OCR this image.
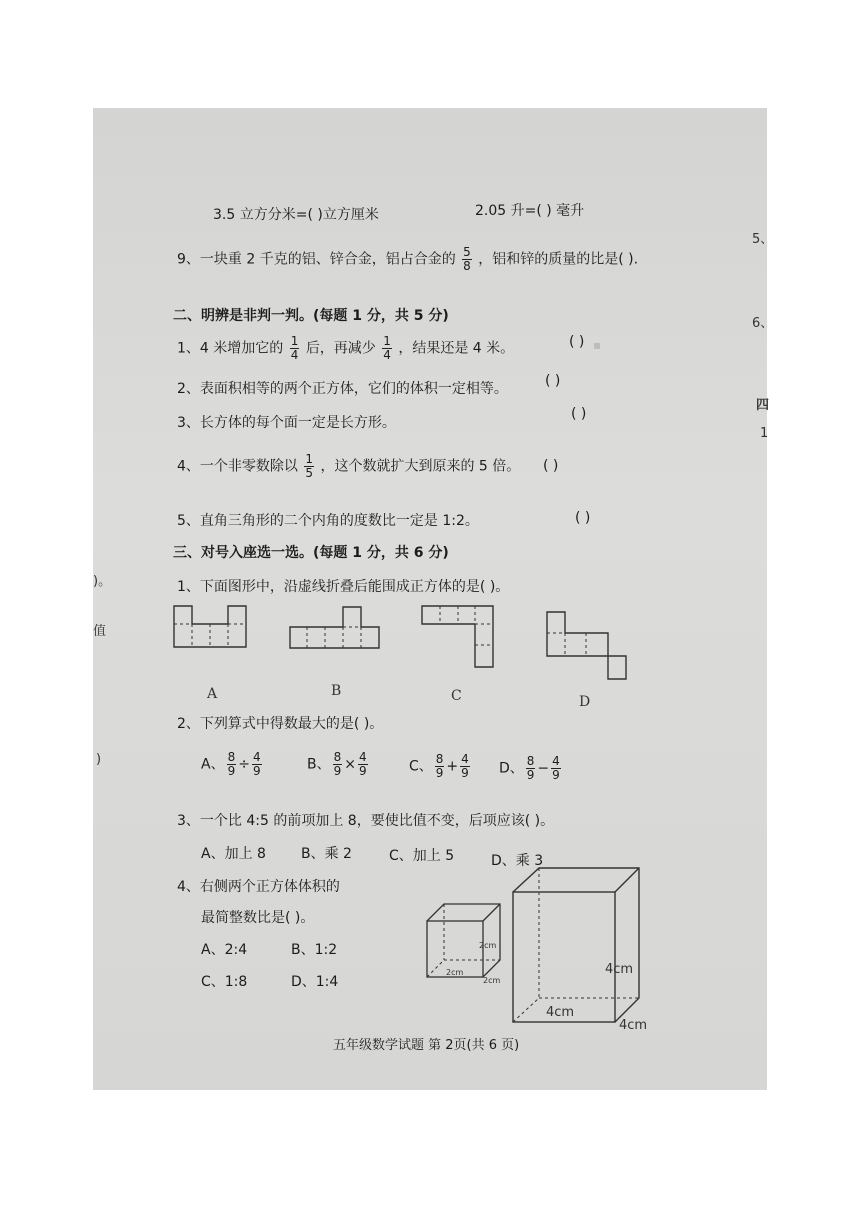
▪
3.5 立方分米=( )立方厘米	2.05 升=( ) 毫升
9、一块重 2 千克的铝、锌合金，铝占合金的 $\frac{5}{8}$ ，铝和锌的质量的比是( ).
二、明辨是非判一判。(每题 1 分，共 5 分)
1、4 米增加它的 $\frac{1}{4}$ 后，再减少 $\frac{1}{4}$ ，结果还是 4 米。	( )
2、表面积相等的两个正方体，它们的体积一定相等。	( )
3、长方体的每个面一定是长方形。
( )
4、一个非零数除以 $\frac{1}{5}$ ，这个数就扩大到原来的 5 倍。 ( )
5、直角三角形的二个内角的度数比一定是 1:2。	( )
三、对号入座选一选。(每题 1 分，共 6 分)
1、下面图形中，沿虚线折叠后能围成正方体的是( )。
A	B	C	D
2、下列算式中得数最大的是( )。
A、 $\frac{8}{9} \div \frac{4}{9}$	B、 $\frac{8}{9} \times \frac{4}{9}$	C、 $\frac{8}{9} + \frac{4}{9}$ D、 $\frac{8}{9} - \frac{4}{9}$
3、一个比 4:5 的前项加上 8，要使比值不变，后项应该( )。
A、加上 8	B、乘 2	C、加上 5	D、乘 3
4、右侧两个正方体体积的
最简整数比是( )。
A、2:4	B、1:2
C、1:8	D、1:4
2cm
2cm
2cm
4cm
4cm
4cm
五年级数学试题 第 2页(共 6 页)
5、
6、
四
1
)。
值
)
